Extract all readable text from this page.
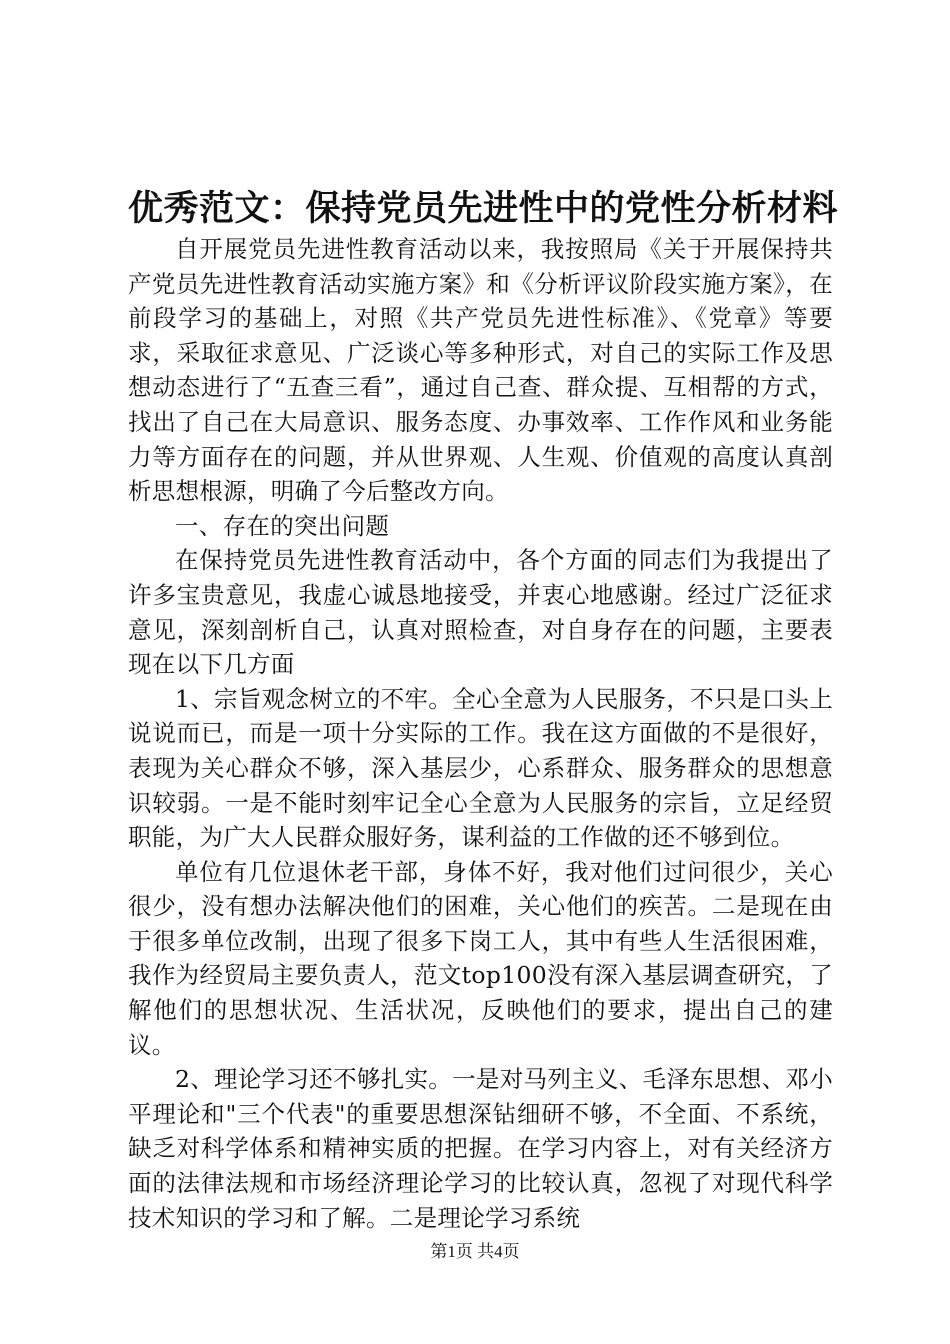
优秀范文：保持党员先进性中的党性分析材料

自开展党员先进性教育活动以来，我按照局《关于开展保持共产党员先进性教育活动实施方案》和《分析评议阶段实施方案》，在前段学习的基础上，对照《共产党员先进性标准》、《党章》等要求，采取征求意见、广泛谈心等多种形式，对自己的实际工作及思想动态进行了“五查三看”，通过自己查、群众提、互相帮的方式，找出了自己在大局意识、服务态度、办事效率、工作作风和业务能力等方面存在的问题，并从世界观、人生观、价值观的高度认真剖析思想根源，明确了今后整改方向。

一、存在的突出问题

在保持党员先进性教育活动中，各个方面的同志们为我提出了许多宝贵意见，我虚心诚恳地接受，并衷心地感谢。经过广泛征求意见，深刻剖析自己，认真对照检查，对自身存在的问题，主要表现在以下几方面

1、宗旨观念树立的不牢。全心全意为人民服务，不只是口头上说说而已，而是一项十分实际的工作。我在这方面做的不是很好，表现为关心群众不够，深入基层少，心系群众、服务群众的思想意识较弱。一是不能时刻牢记全心全意为人民服务的宗旨，立足经贸职能，为广大人民群众服好务，谋利益的工作做的还不够到位。

单位有几位退休老干部，身体不好，我对他们过问很少，关心很少，没有想办法解决他们的困难，关心他们的疾苦。二是现在由于很多单位改制，出现了很多下岗工人，其中有些人生活很困难，我作为经贸局主要负责人，范文top100没有深入基层调查研究，了解他们的思想状况、生活状况，反映他们的要求，提出自己的建议。

2、理论学习还不够扎实。一是对马列主义、毛泽东思想、邓小平理论和"三个代表"的重要思想深钻细研不够，不全面、不系统，缺乏对科学体系和精神实质的把握。在学习内容上，对有关经济方面的法律法规和市场经济理论学习的比较认真，忽视了对现代科学技术知识的学习和了解。二是理论学习系统

第1页 共4页
